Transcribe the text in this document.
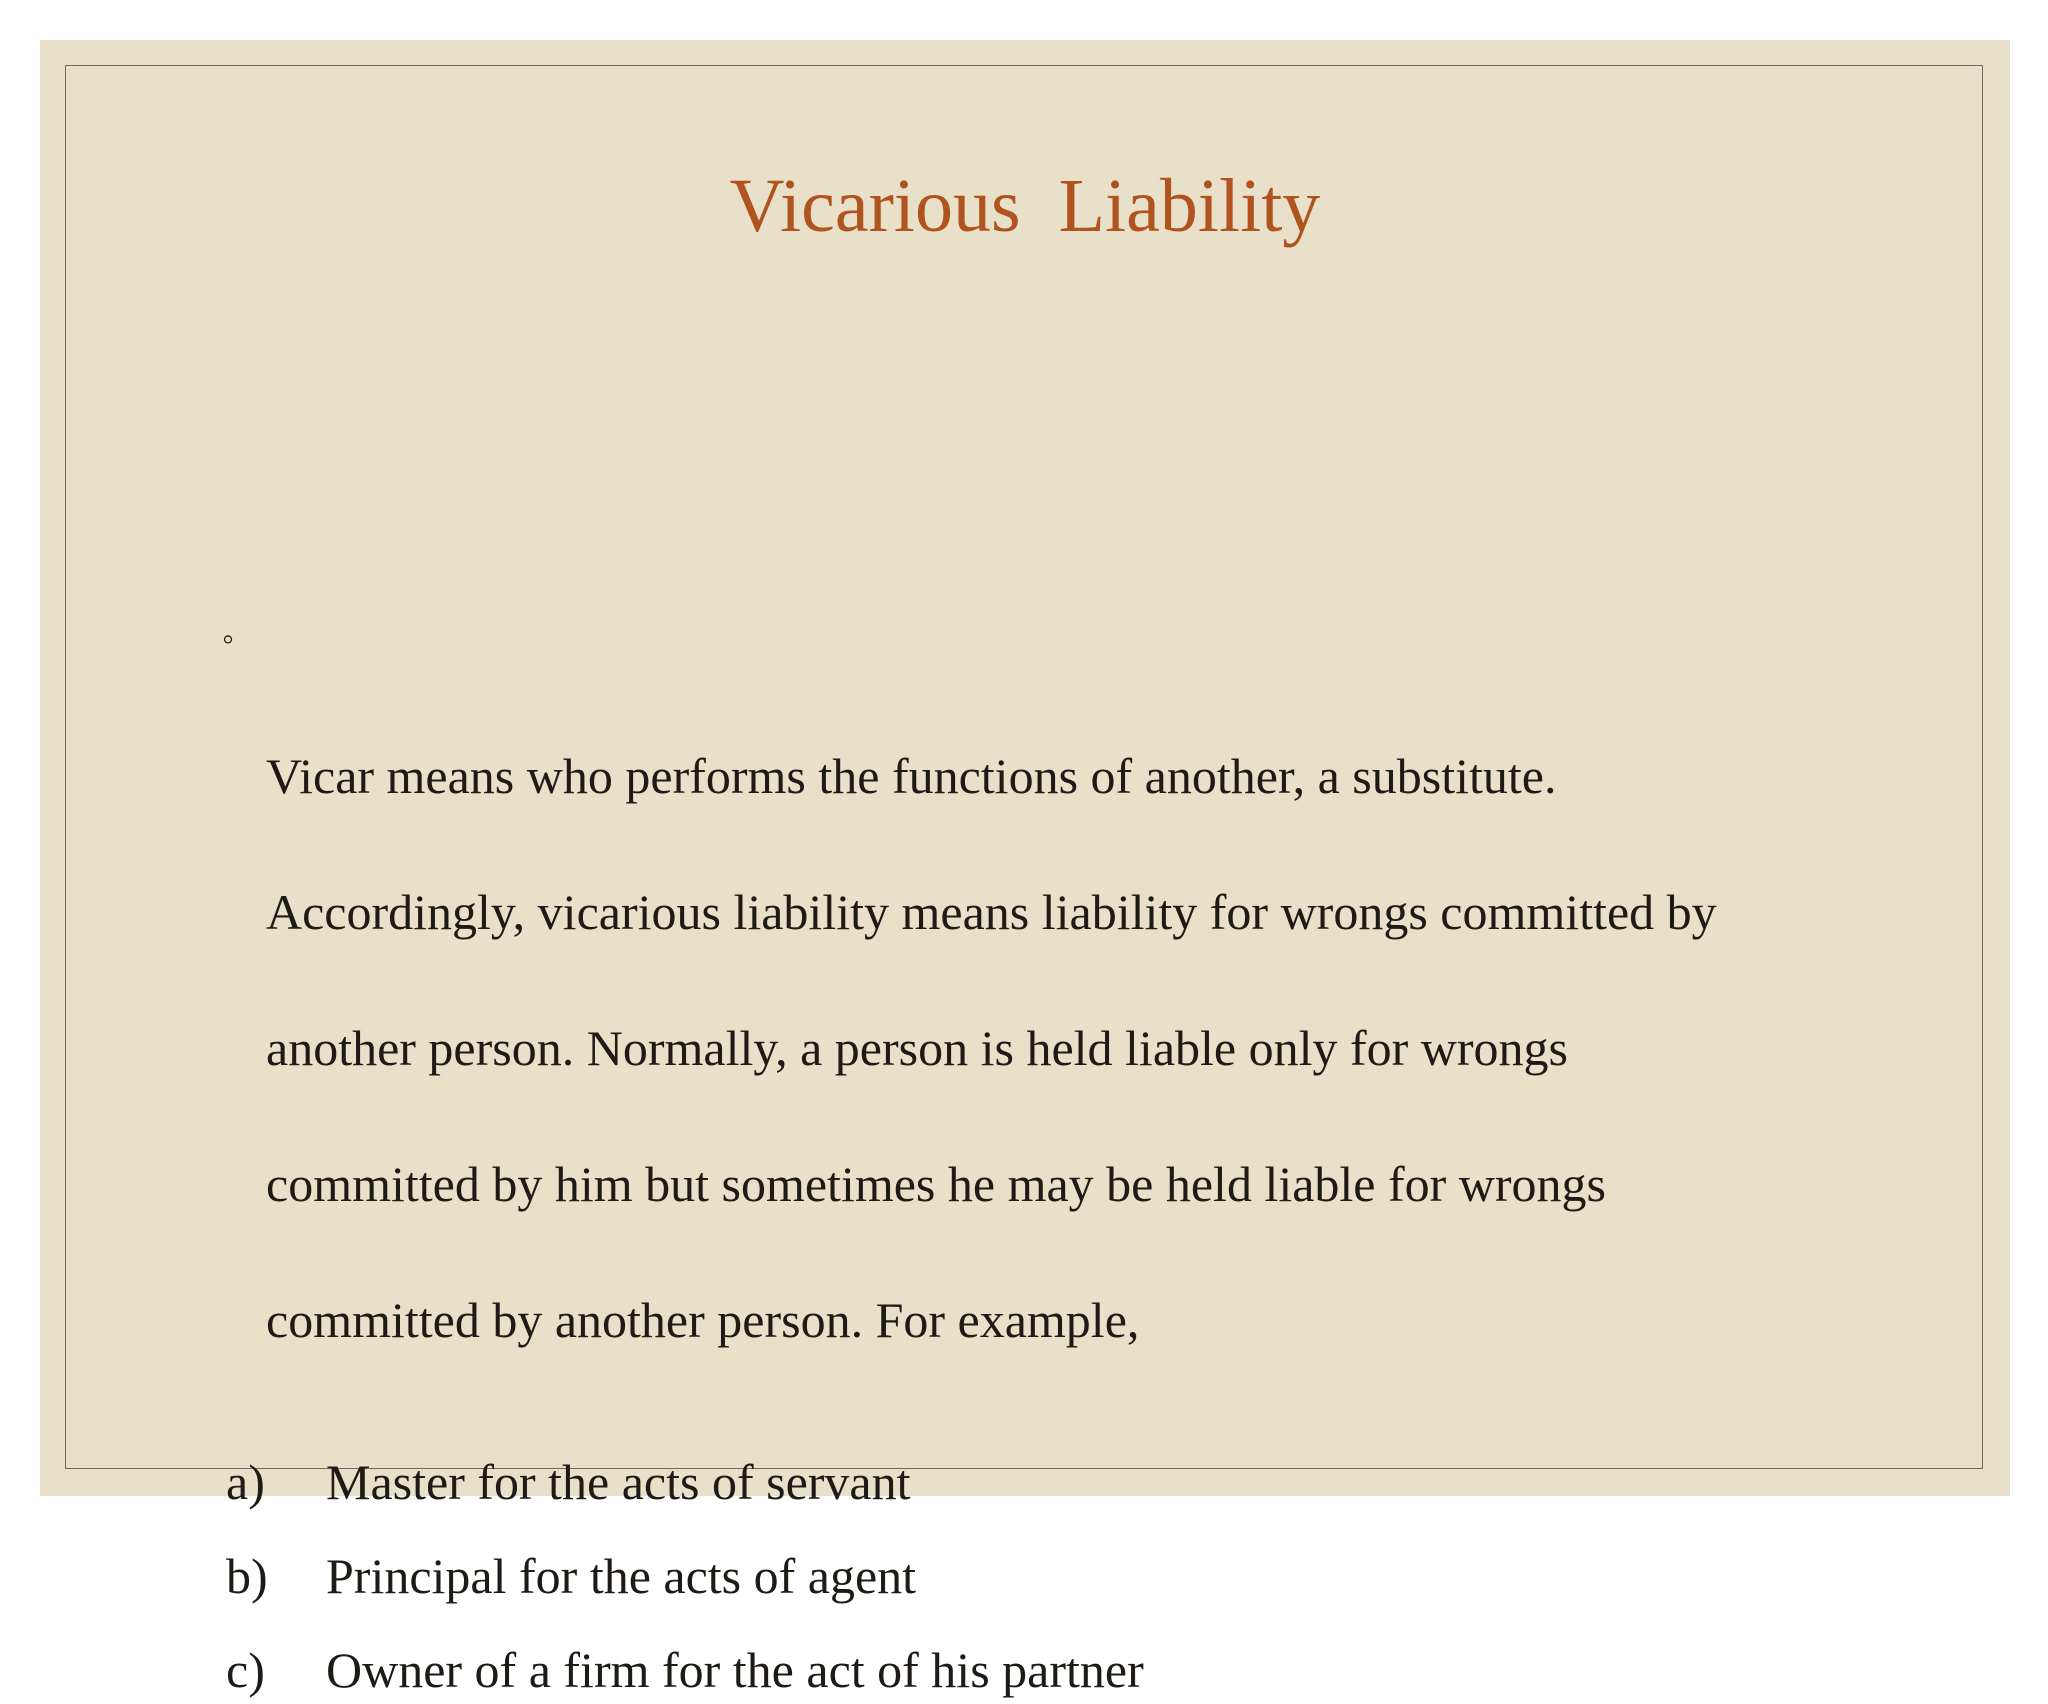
Vicarious  Liability

◦

Vicar means who performs the functions of another, a substitute.

Accordingly, vicarious liability means liability for wrongs committed by

another person. Normally, a person is held liable only for wrongs

committed by him but sometimes he may be held liable for wrongs

committed by another person. For example,

a) Master for the acts of servant
b) Principal for the acts of agent
c) Owner of a firm for the act of his partner
